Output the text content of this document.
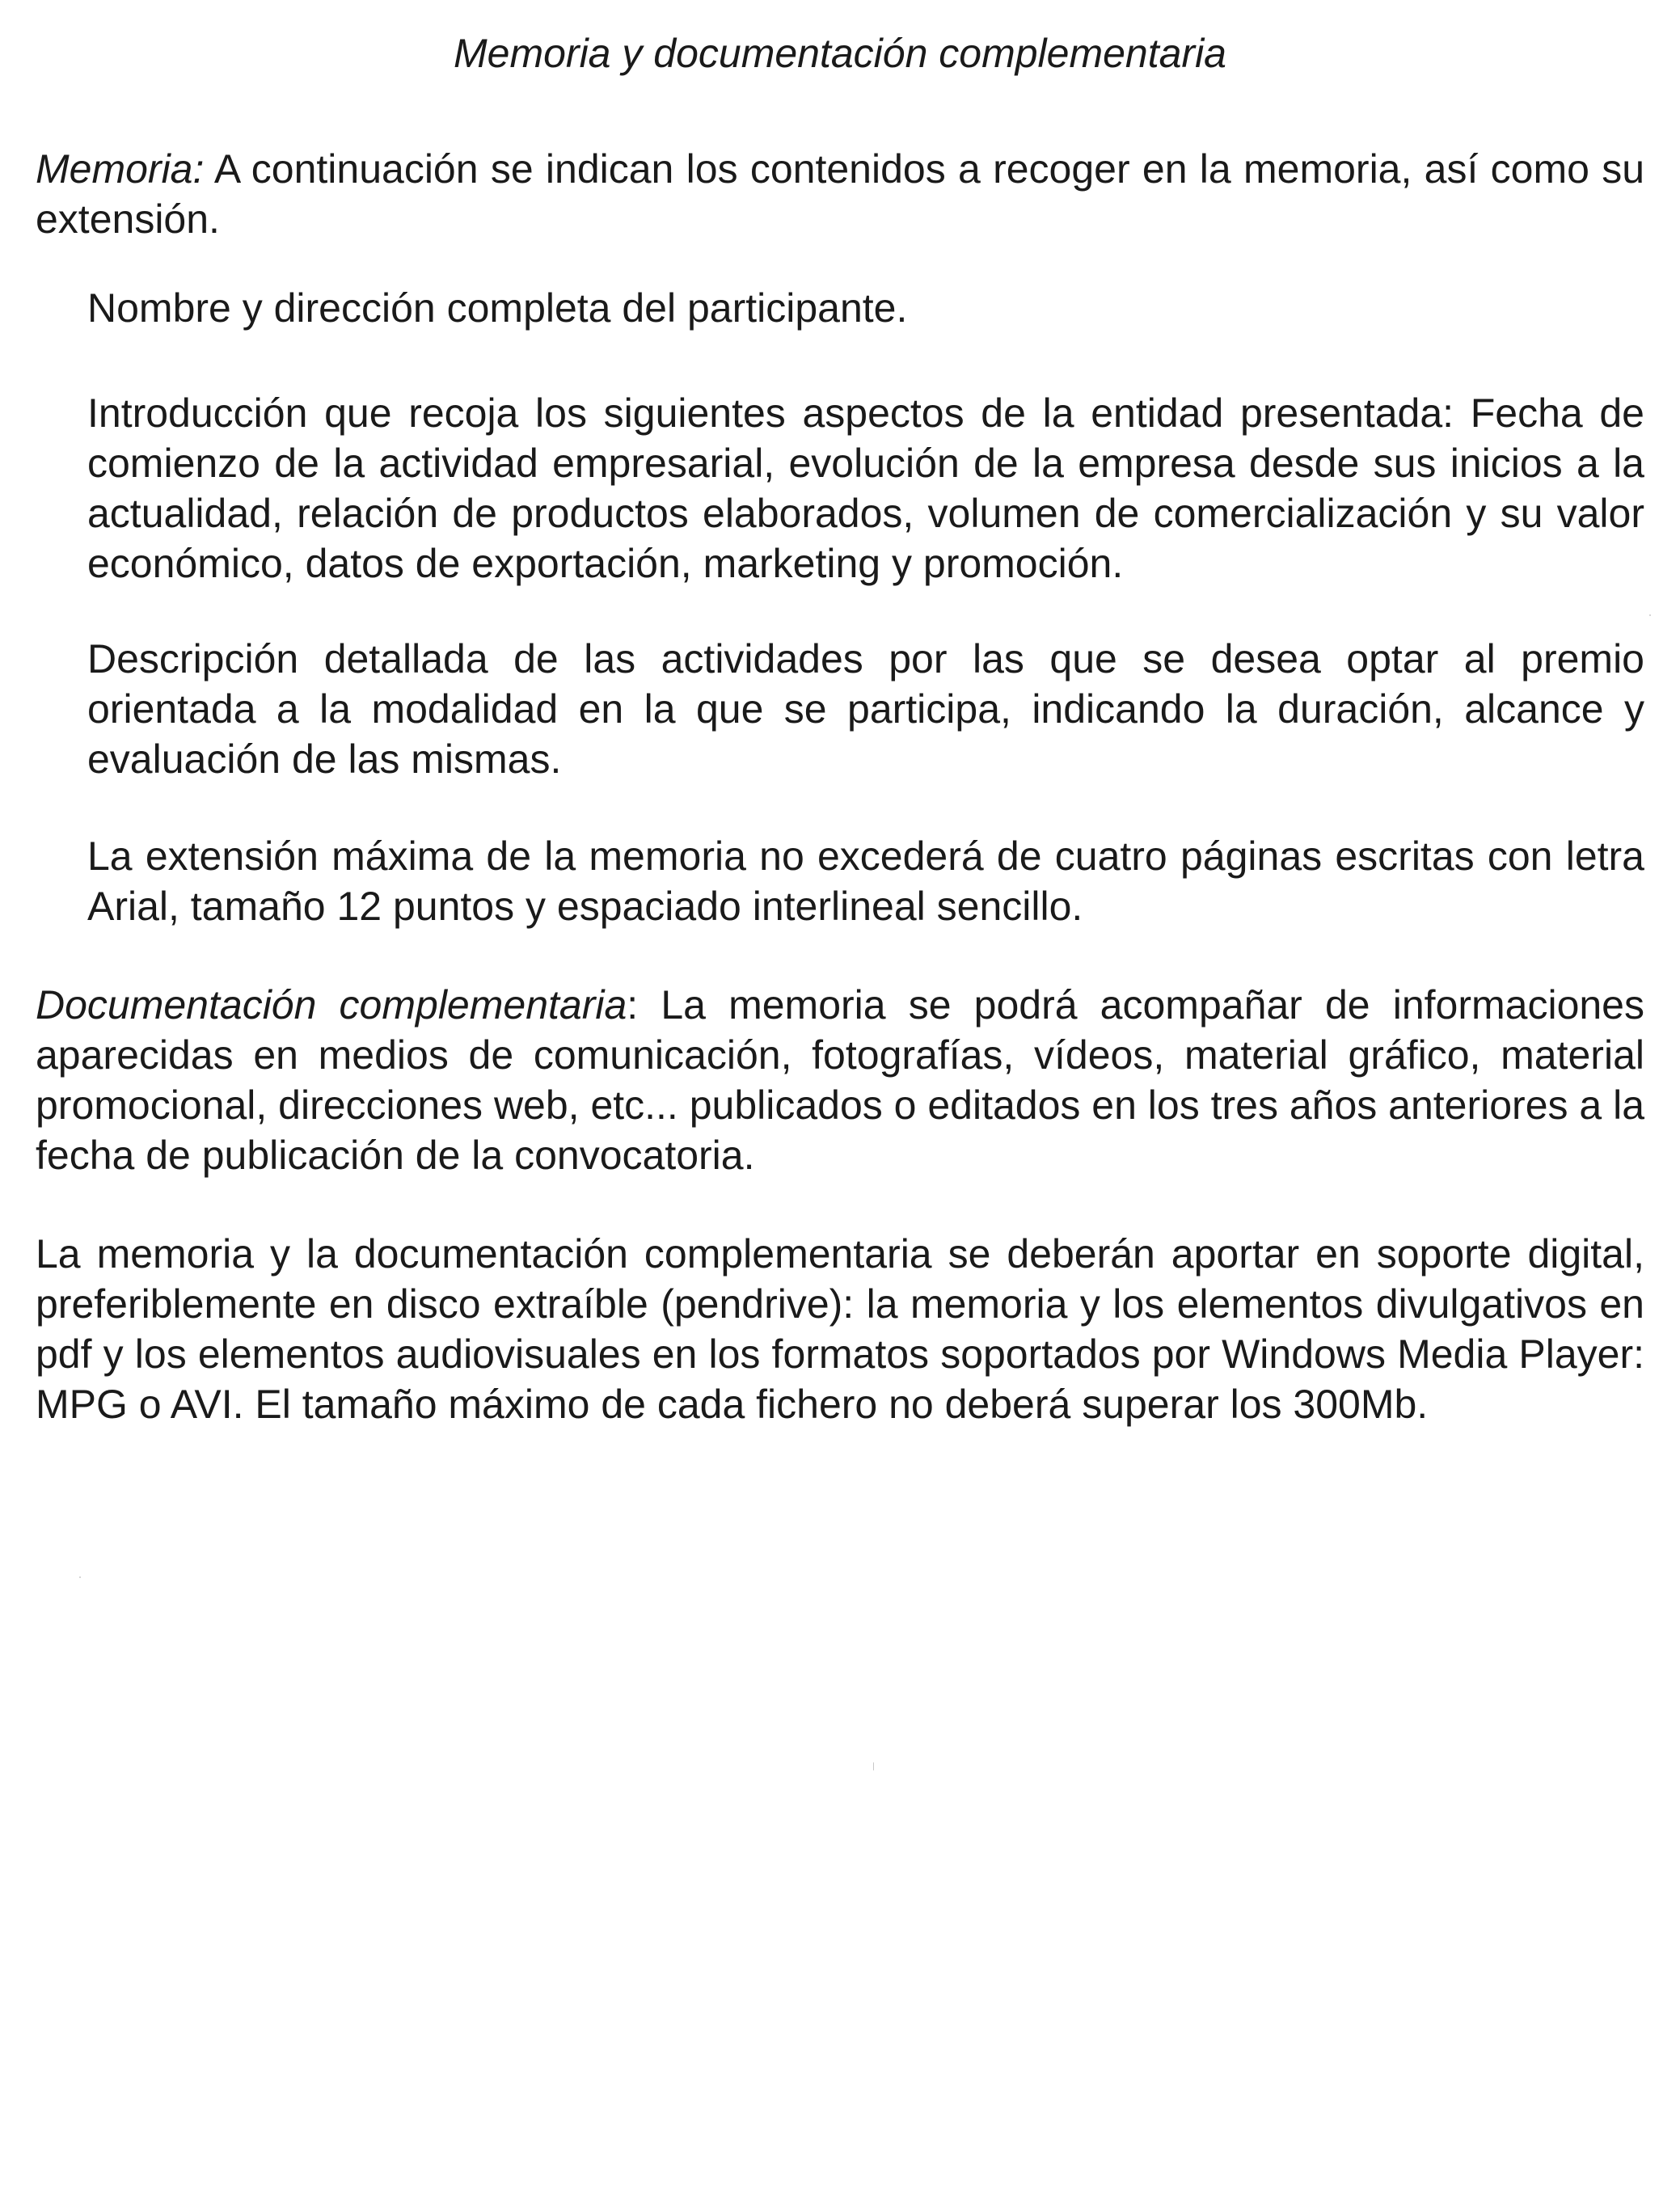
Memoria y documentación complementaria

Memoria: A continuación se indican los contenidos a recoger en la memoria, así como su extensión.

Nombre y dirección completa del participante.

Introducción que recoja los siguientes aspectos de la entidad presentada: Fecha de comienzo de la actividad empresarial, evolución de la empresa desde sus inicios a la actualidad, relación de productos elaborados, volumen de comercialización y su valor económico, datos de exportación, marketing y promoción.

Descripción detallada de las actividades por las que se desea optar al premio orientada a la modalidad en la que se participa, indicando la duración, alcance y evaluación de las mismas.

La extensión máxima de la memoria no excederá de cuatro páginas escritas con letra Arial, tamaño 12 puntos y espaciado interlineal sencillo.

Documentación complementaria: La memoria se podrá acompañar de informaciones aparecidas en medios de comunicación, fotografías, vídeos, material gráfico, material promocional, direcciones web, etc... publicados o editados en los tres años anteriores a la fecha de publicación de la convocatoria.

La memoria y la documentación complementaria se deberán aportar en soporte digital, preferiblemente en disco extraíble (pendrive): la memoria y los elementos divulgativos en pdf y los elementos audiovisuales en los formatos soportados por Windows Media Player: MPG o AVI. El tamaño máximo de cada fichero no deberá superar los 300Mb.
